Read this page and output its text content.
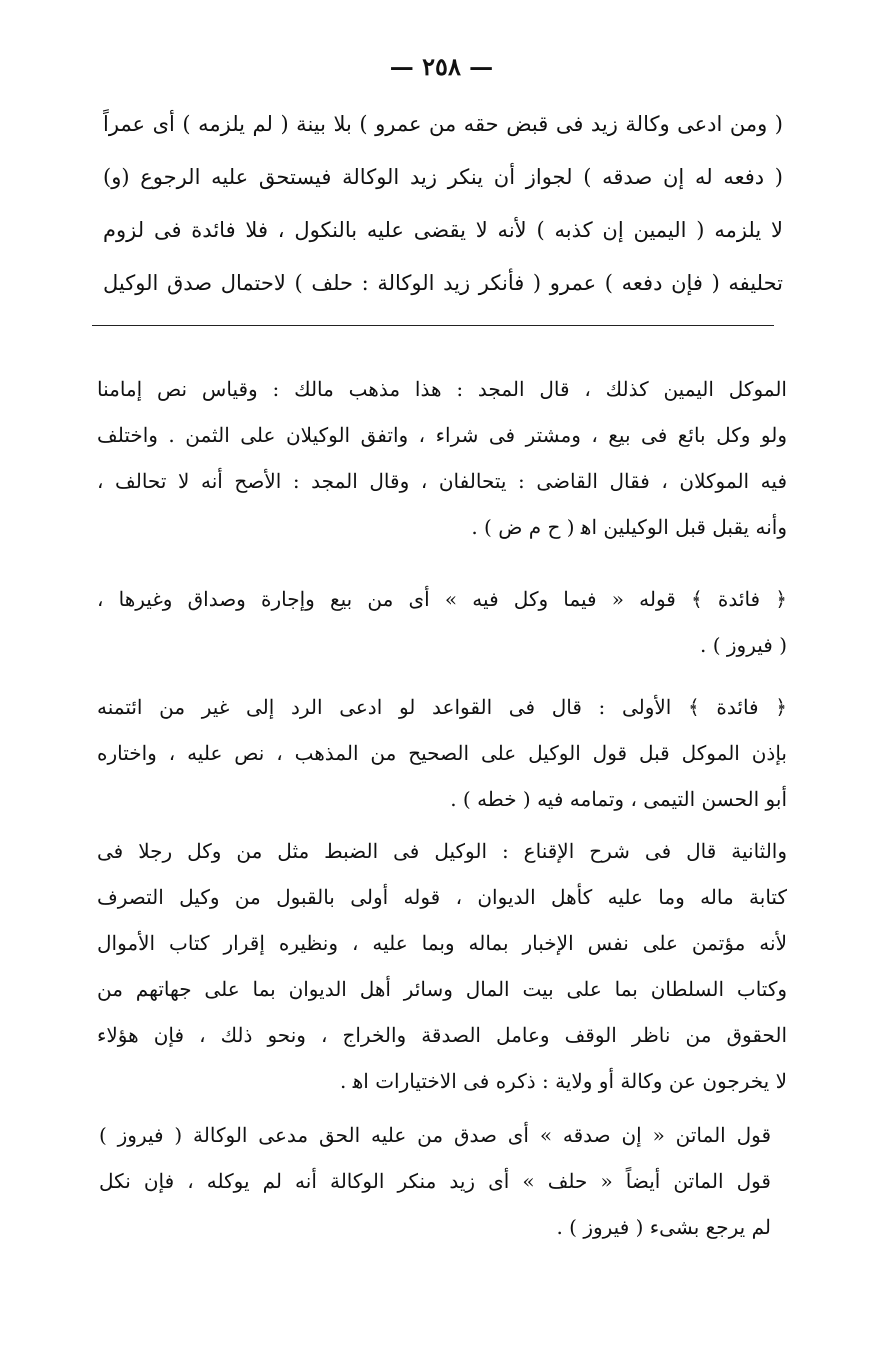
— ٢٥٨ —
( ومن ادعى وكالة زيد فى قبض حقه من عمرو ) بلا بينة ( لم يلزمه ) أى عمراً
( دفعه له إن صدقه ) لجواز أن ينكر زيد الوكالة فيستحق عليه الرجوع (و)
لا يلزمه ( اليمين إن كذبه ) لأنه لا يقضى عليه بالنكول ، فلا فائدة فى لزوم
تحليفه ( فإن دفعه ) عمرو ( فأنكر زيد الوكالة : حلف ) لاحتمال صدق الوكيل
الموكل اليمين كذلك ، قال المجد : هذا مذهب مالك : وقياس نص إمامنا
ولو وكل بائع فى بيع ، ومشتر فى شراء ، واتفق الوكيلان على الثمن . واختلف
فيه الموكلان ، فقال القاضى : يتحالفان ، وقال المجد : الأصح أنه لا تحالف ،
وأنه يقبل قبل الوكيلين اﻫ ( ح م ض ) .
﴿ فائدة ﴾ قوله « فيما وكل فيه » أى من بيع وإجارة وصداق وغيرها ،
( فيروز ) .
﴿ فائدة ﴾ الأولى : قال فى القواعد لو ادعى الرد إلى غير من ائتمنه
بإذن الموكل قبل قول الوكيل على الصحيح من المذهب ، نص عليه ، واختاره
أبو الحسن التيمى ، وتمامه فيه ( خطه ) .
والثانية قال فى شرح الإقناع : الوكيل فى الضبط مثل من وكل رجلا فى
كتابة ماله وما عليه كأهل الديوان ، قوله أولى بالقبول من وكيل التصرف
لأنه مؤتمن على نفس الإخبار بماله وبما عليه ، ونظيره إقرار كتاب الأموال
وكتاب السلطان بما على بيت المال وسائر أهل الديوان بما على جهاتهم من
الحقوق من ناظر الوقف وعامل الصدقة والخراج ، ونحو ذلك ، فإن هؤلاء
لا يخرجون عن وكالة أو ولاية : ذكره فى الاختيارات اﻫ .
قول الماتن « إن صدقه » أى صدق من عليه الحق مدعى الوكالة ( فيروز )
قول الماتن أيضاً « حلف » أى زيد منكر الوكالة أنه لم يوكله ، فإن نكل
لم يرجع بشىء ( فيروز ) .
